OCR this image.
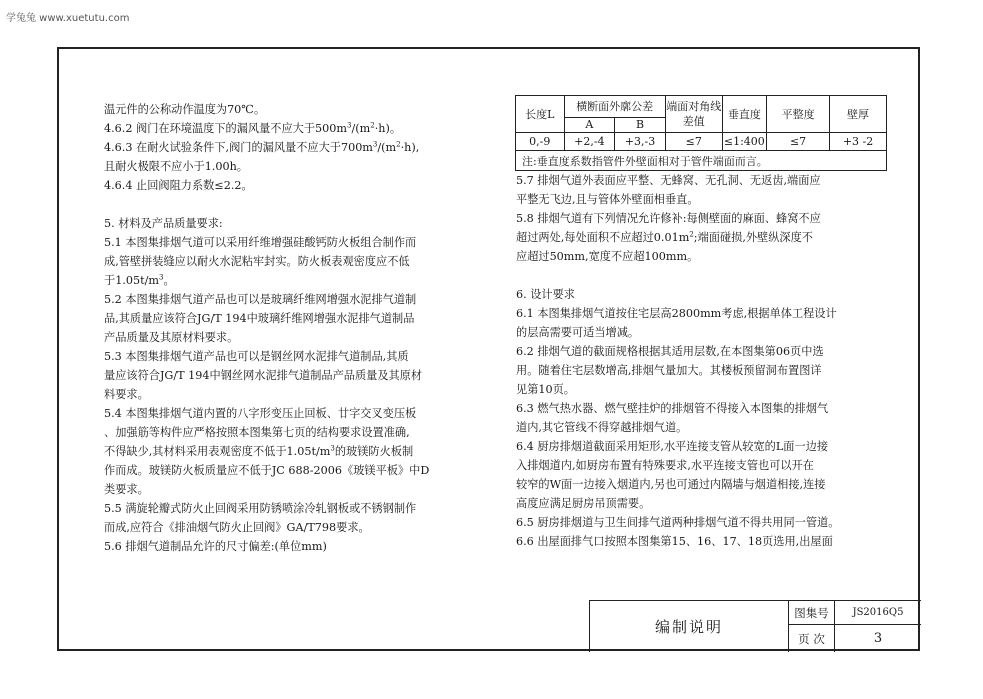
学兔兔 www.xuetutu.com

温元件的公称动作温度为70℃。

4.6.2 阀门在环境温度下的漏风量不应大于$500m^3/(m^2\cdot h)$。

4.6.3 在耐火试验条件下,阀门的漏风量不应大于$700m^3/(m^2\cdot h)$,

且耐火极限不应小于1.00h。

4.6.4 止回阀阻力系数≤2.2。

5. 材料及产品质量要求:

5.1 本图集排烟气道可以采用纤维增强硅酸钙防火板组合制作而

成,管壁拼装缝应以耐火水泥粘牢封实。防火板表观密度应不低

于$1.05t/m^3$。

5.2 本图集排烟气道产品也可以是玻璃纤维网增强水泥排气道制

品,其质量应该符合JG/T 194中玻璃纤维网增强水泥排气道制品

产品质量及其原材料要求。

5.3 本图集排烟气道产品也可以是钢丝网水泥排气道制品,其质

量应该符合JG/T 194中钢丝网水泥排气道制品产品质量及其原材

料要求。

5.4 本图集排烟气道内置的八字形变压止回板、廿字交叉变压板

、加强筋等构件应严格按照本图集第七页的结构要求设置准确,

不得缺少,其材料采用表观密度不低于$1.05t/m^3$的玻镁防火板制

作而成。玻镁防火板质量应不低于JC 688-2006《玻镁平板》中D

类要求。

5.5 满旋轮瓣式防火止回阀采用防锈喷涂冷轧钢板或不锈钢制作

而成,应符合《排油烟气防火止回阀》GA/T798要求。

5.6 排烟气道制品允许的尺寸偏差:(单位mm)

长度L	横断面外廓公差		端面对角线差值	垂直度	平整度	壁厚
	A	B				
0,-9	+2,-4	+3,-3	≤7	≤1:400	≤7	+3 -2
注:垂直度系数指管件外壁面相对于管件端面而言。						

5.7 排烟气道外表面应平整、无蜂窝、无孔洞、无返齿,端面应

平整无飞边,且与管体外壁面相垂直。

5.8 排烟气道有下列情况允许修补:每侧壁面的麻面、蜂窝不应

超过两处,每处面积不应超过$0.01m^2$;端面碰损,外壁纵深度不

应超过50mm,宽度不应超100mm。

6. 设计要求

6.1 本图集排烟气道按住宅层高2800mm考虑,根据单体工程设计

的层高需要可适当增减。

6.2 排烟气道的截面规格根据其适用层数,在本图集第06页中选

用。随着住宅层数增高,排烟气量加大。其楼板预留洞布置图详

见第10页。

6.3 燃气热水器、燃气壁挂炉的排烟管不得接入本图集的排烟气

道内,其它管线不得穿越排烟气道。

6.4 厨房排烟道截面采用矩形,水平连接支管从较宽的L面一边接

入排烟道内,如厨房布置有特殊要求,水平连接支管也可以开在

较窄的W面一边接入烟道内,另也可通过内隔墙与烟道相接,连接

高度应满足厨房吊顶需要。

6.5 厨房排烟道与卫生间排气道两种排烟气道不得共用同一管道。

6.6 出屋面排气口按照本图集第15、16、17、18页选用,出屋面

编制说明
图集号	JS2016Q5
页 次	3
